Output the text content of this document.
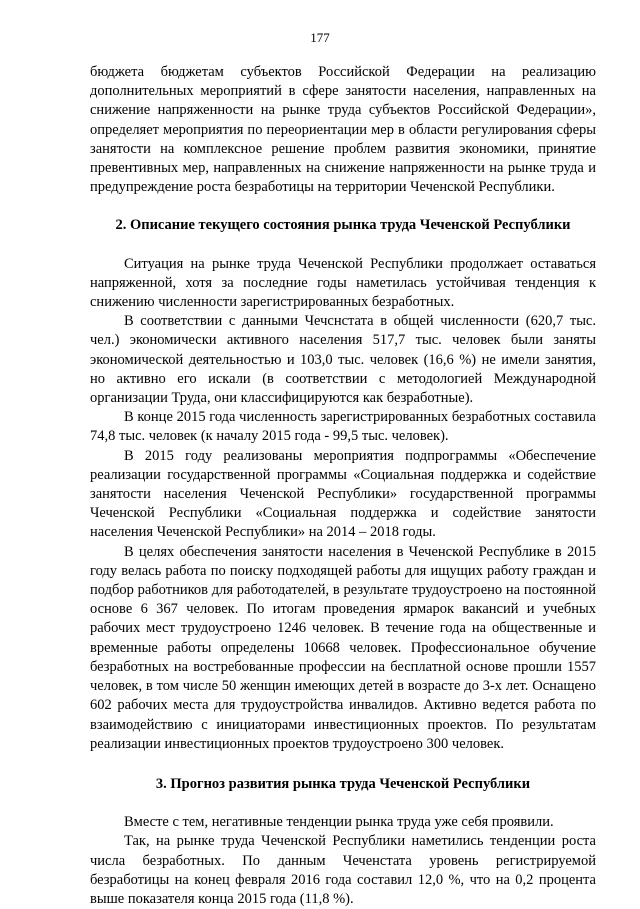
177

бюджета бюджетам субъектов Российской Федерации на реализацию дополнительных мероприятий в сфере занятости населения, направленных на снижение напряженности на рынке труда субъектов Российской Федерации», определяет мероприятия по переориентации мер в области регулирования сферы занятости на комплексное решение проблем развития экономики, принятие превентивных мер, направленных на снижение напряженности на рынке труда и предупреждение роста безработицы на территории Чеченской Республики.

2. Описание текущего состояния рынка труда Чеченской Республики

Ситуация на рынке труда Чеченской Республики продолжает оставаться напряженной, хотя за последние годы наметилась устойчивая тенденция к снижению численности зарегистрированных безработных.

В соответствии с данными Чечснстата в общей численности (620,7 тыс. чел.) экономически активного населения 517,7 тыс. человек были заняты экономической деятельностью и 103,0 тыс. человек (16,6 %) не имели занятия, но активно его искали (в соответствии с методологией Международной организации Труда, они классифицируются как безработные).

В конце 2015 года численность зарегистрированных безработных составила 74,8 тыс. человек (к началу 2015 года - 99,5 тыс. человек).

В 2015 году реализованы мероприятия подпрограммы «Обеспечение реализации государственной программы «Социальная поддержка и содействие занятости населения Чеченской Республики» государственной программы Чеченской Республики «Социальная поддержка и содействие занятости населения Чеченской Республики» на 2014 – 2018 годы.

В целях обеспечения занятости населения в Чеченской Республике в 2015 году велась работа по поиску подходящей работы для ищущих работу граждан и подбор работников для работодателей, в результате трудоустроено на постоянной основе 6 367 человек. По итогам проведения ярмарок вакансий и учебных рабочих мест трудоустроено 1246 человек. В течение года на общественные и временные работы определены 10668 человек. Профессиональное обучение безработных на востребованные профессии на бесплатной основе прошли 1557 человек, в том числе 50 женщин имеющих детей в возрасте до 3-х лет. Оснащено 602 рабочих места для трудоустройства инвалидов. Активно ведется работа по взаимодействию с инициаторами инвестиционных проектов. По результатам реализации инвестиционных проектов трудоустроено 300 человек.

3. Прогноз развития рынка труда Чеченской Республики

Вместе с тем, негативные тенденции рынка труда уже себя проявили.

Так, на рынке труда Чеченской Республики наметились тенденции роста числа безработных. По данным Чеченстата уровень регистрируемой безработицы на конец февраля 2016 года составил 12,0 %, что на 0,2 процента выше показателя конца 2015 года (11,8 %).
